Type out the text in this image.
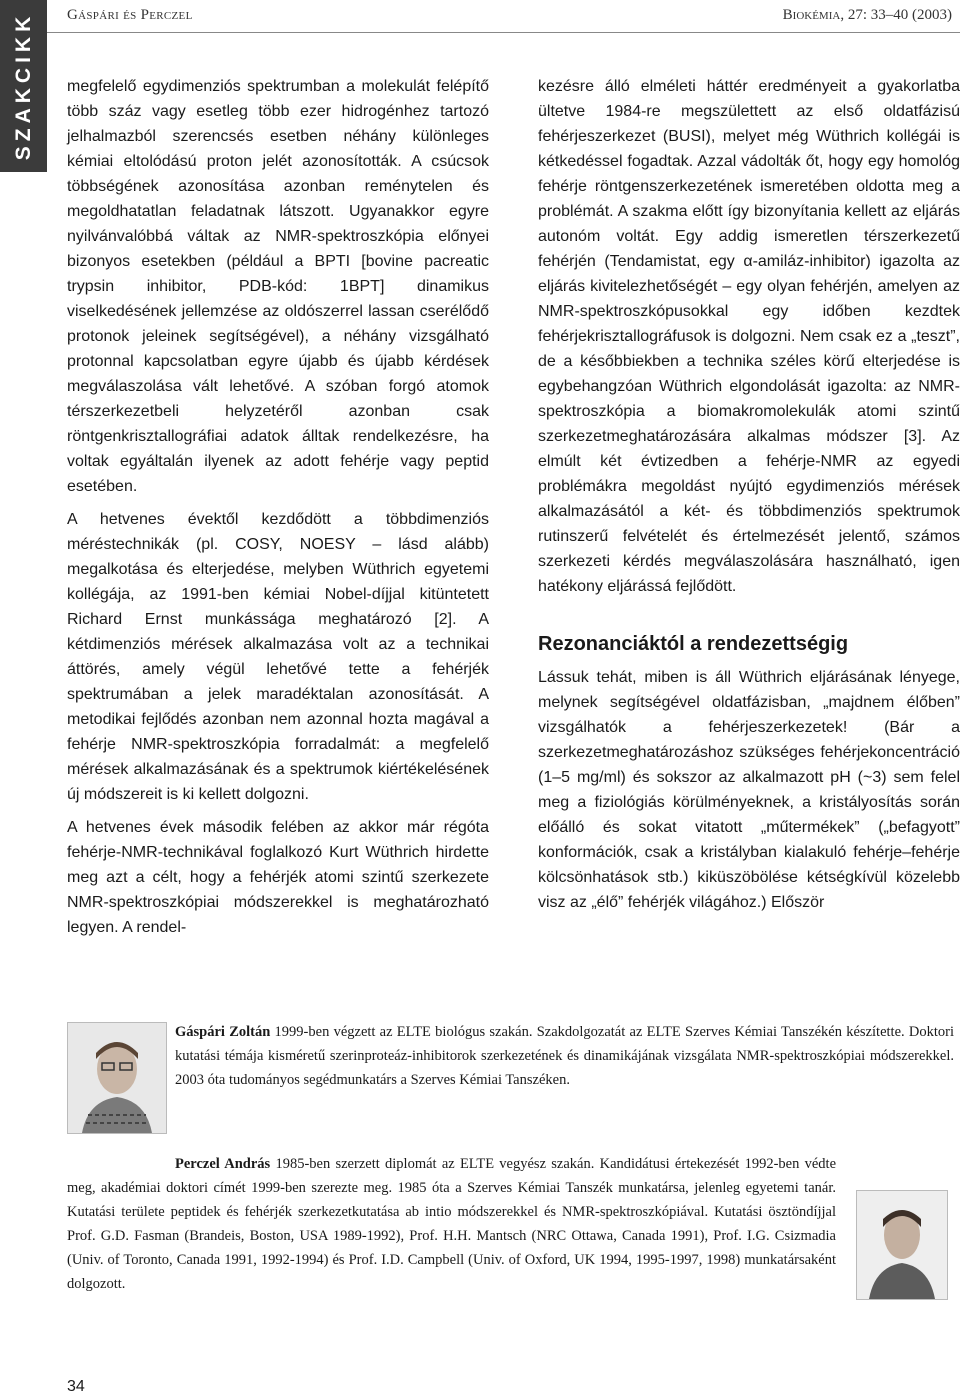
SZAKCIKK Gáspári és Perczel	Biokémia, 27: 33–40 (2003)

megfelelő egydimenziós spektrumban a molekulát felépítő több száz vagy esetleg több ezer hidrogénhez tartozó jelhalmazból szerencsés esetben néhány különleges kémiai eltolódású proton jelét azonosították. A csúcsok többségének azonosítása azonban reménytelen és megoldhatatlan feladatnak látszott. Ugyanakkor egyre nyilvánvalóbbá váltak az NMR-spektroszkópia előnyei bizonyos esetekben (például a BPTI [bovine pacreatic trypsin inhibitor, PDB-kód: 1BPT] dinamikus viselkedésének jellemzése az oldószerrel lassan cserélődő protonok jeleinek segítségével), a néhány vizsgálható protonnal kapcsolatban egyre újabb és újabb kérdések megválaszolása vált lehetővé. A szóban forgó atomok térszerkezetbeli helyzetéről azonban csak röntgenkrisztallográfiai adatok álltak rendelkezésre, ha voltak egyáltalán ilyenek az adott fehérje vagy peptid esetében.

A hetvenes évektől kezdődött a többdimenziós méréstechnikák (pl. COSY, NOESY – lásd alább) megalkotása és elterjedése, melyben Wüthrich egyetemi kollégája, az 1991-ben kémiai Nobel-díjjal kitüntetett Richard Ernst munkássága meghatározó [2]. A kétdimenziós mérések alkalmazása volt az a technikai áttörés, amely végül lehetővé tette a fehérjék spektrumában a jelek maradéktalan azonosítását. A metodikai fejlődés azonban nem azonnal hozta magával a fehérje NMR-spektroszkópia forradalmát: a megfelelő mérések alkalmazásának és a spektrumok kiértékelésének új módszereit is ki kellett dolgozni.

A hetvenes évek második felében az akkor már régóta fehérje-NMR-technikával foglalkozó Kurt Wüthrich hirdette meg azt a célt, hogy a fehérjék atomi szintű szerkezete NMR-spektroszkópiai módszerekkel is meghatározható legyen. A rendel-

kezésre álló elméleti háttér eredményeit a gyakorlatba ültetve 1984-re megszülettett az első oldatfázisú fehérjeszerkezet (BUSI), melyet még Wüthrich kollégái is kétkedéssel fogadtak. Azzal vádolták őt, hogy egy homológ fehérje röntgenszerkezetének ismeretében oldotta meg a problémát. A szakma előtt így bizonyítania kellett az eljárás autonóm voltát. Egy addig ismeretlen térszerkezetű fehérjén (Tendamistat, egy α-amiláz-inhibitor) igazolta az eljárás kivitelezhetőségét – egy olyan fehérjén, amelyen az NMR-spektroszkópusokkal egy időben kezdtek fehérjekrisztallográfusok is dolgozni. Nem csak ez a „teszt”, de a későbbiekben a technika széles körű elterjedése is egybehangzóan Wüthrich elgondolását igazolta: az NMR-spektroszkópia a biomakromolekulák atomi szintű szerkezetmeghatározására alkalmas módszer [3]. Az elmúlt két évtizedben a fehérje-NMR az egyedi problémákra megoldást nyújtó egydimenziós mérések alkalmazásától a két- és többdimenziós spektrumok rutinszerű felvételét és értelmezését jelentő, számos szerkezeti kérdés megválaszolására használható, igen hatékony eljárássá fejlődött.

Rezonanciáktól a rendezettségig

Lássuk tehát, miben is áll Wüthrich eljárásának lényege, melynek segítségével oldatfázisban, „majdnem élőben” vizsgálhatók a fehérjeszerkezetek! (Bár a szerkezetmeghatározáshoz szükséges fehérjekoncentráció (1–5 mg/ml) és sokszor az alkalmazott pH (~3) sem felel meg a fiziológiás körülményeknek, a kristályosítás során előálló és sokat vitatott „műtermékek” („befagyott” konformációk, csak a kristályban kialakuló fehérje–fehérje kölcsönhatások stb.) kiküszöbölése kétségkívül közelebb visz az „élő” fehérjék világához.) Először

Gáspári Zoltán 1999-ben végzett az ELTE biológus szakán. Szakdolgozatát az ELTE Szerves Kémiai Tanszékén készítette. Doktori kutatási témája kisméretű szerinproteáz-inhibitorok szerkezetének és dinamikájának vizsgálata NMR-spektroszkópiai módszerekkel. 2003 óta tudományos segédmunkatárs a Szerves Kémiai Tanszéken.
Perczel András 1985-ben szerzett diplomát az ELTE vegyész szakán. Kandidátusi értekezését 1992-ben védte meg, akadémiai doktori címét 1999-ben szerezte meg. 1985 óta a Szerves Kémiai Tanszék munkatársa, jelenleg egyetemi tanár. Kutatási területe peptidek és fehérjék szerkezetkutatása ab intio módszerekkel és NMR-spektroszkópiával. Kutatási ösztöndíjjal Prof. G.D. Fasman (Brandeis, Boston, USA 1989-1992), Prof. H.H. Mantsch (NRC Ottawa, Canada 1991), Prof. I.G. Csizmadia (Univ. of Toronto, Canada 1991, 1992-1994) és Prof. I.D. Campbell (Univ. of Oxford, UK 1994, 1995-1997, 1998) munkatársaként dolgozott.
34
